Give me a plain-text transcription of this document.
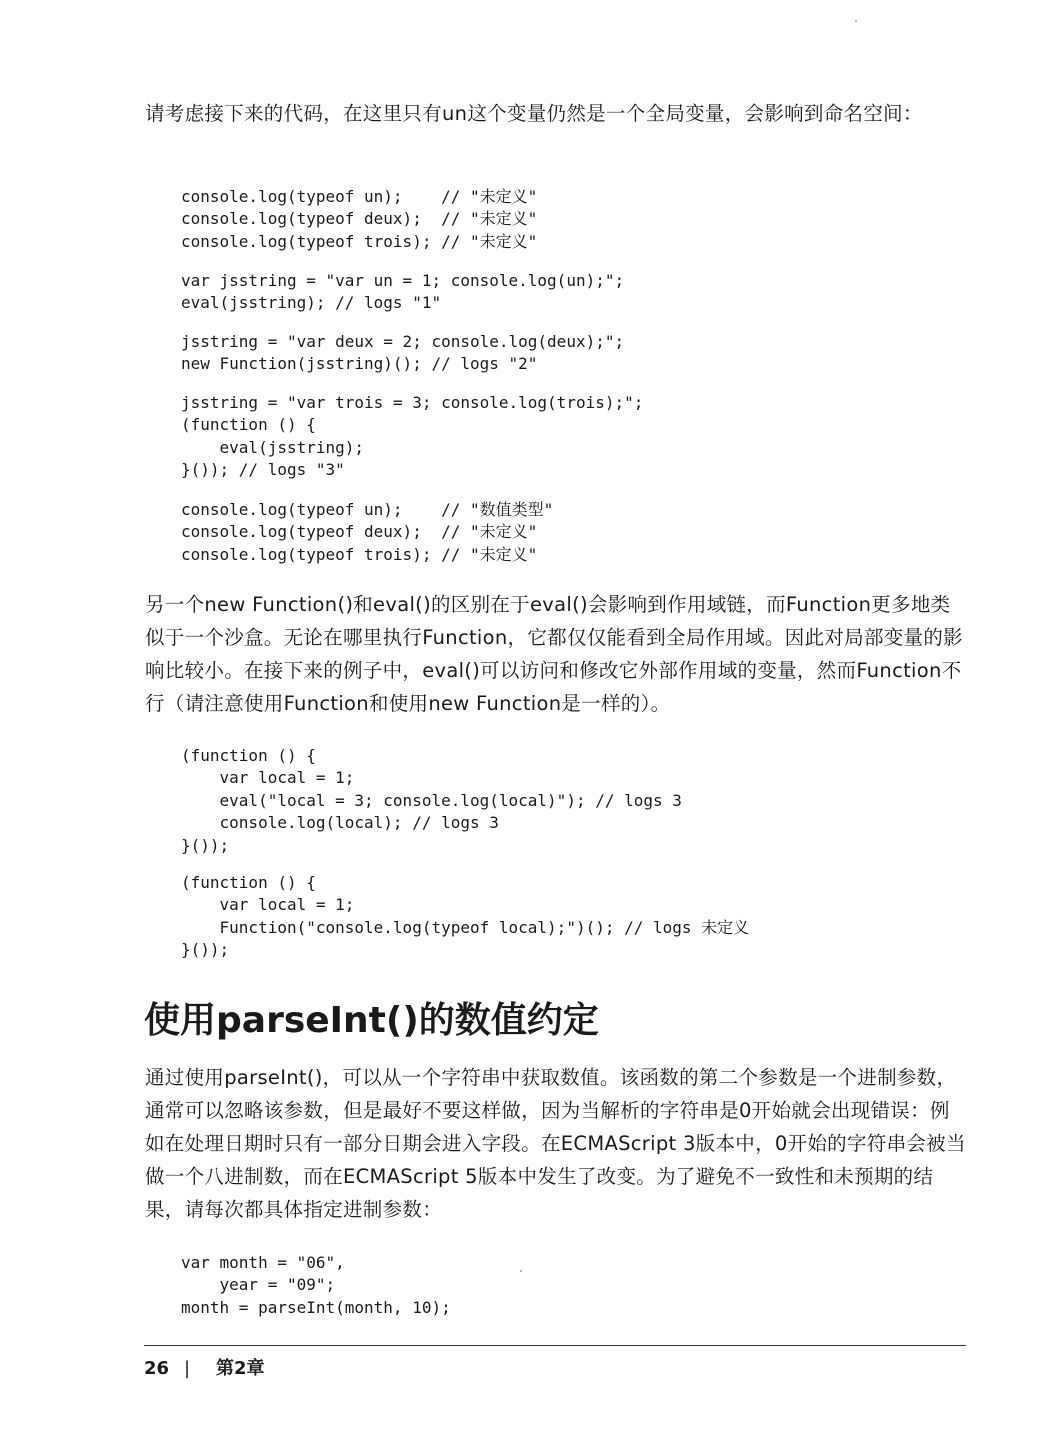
请考虑接下来的代码，在这里只有un这个变量仍然是一个全局变量，会影响到命名空间：

console.log(typeof un);    // "未定义"
console.log(typeof deux);  // "未定义"
console.log(typeof trois); // "未定义"
var jsstring = "var un = 1; console.log(un);";
eval(jsstring); // logs "1"
jsstring = "var deux = 2; console.log(deux);";
new Function(jsstring)(); // logs "2"
jsstring = "var trois = 3; console.log(trois);";
(function () {
eval(jsstring);
}()); // logs "3"
console.log(typeof un);    // "数值类型"
console.log(typeof deux);  // "未定义"
console.log(typeof trois); // "未定义"

另一个new Function()和eval()的区别在于eval()会影响到作用域链，而Function更多地类似于一个沙盒。无论在哪里执行Function，它都仅仅能看到全局作用域。因此对局部变量的影响比较小。在接下来的例子中，eval()可以访问和修改它外部作用域的变量，然而Function不行（请注意使用Function和使用new Function是一样的）。

(function () {
var local = 1;
eval("local = 3; console.log(local)"); // logs 3
console.log(local); // logs 3
}());
(function () {
var local = 1;
Function("console.log(typeof local);")(); // logs 未定义
}());
使用parseInt()的数值约定

通过使用parseInt()，可以从一个字符串中获取数值。该函数的第二个参数是一个进制参数，通常可以忽略该参数，但是最好不要这样做，因为当解析的字符串是0开始就会出现错误：例如在处理日期时只有一部分日期会进入字段。在ECMAScript 3版本中，0开始的字符串会被当做一个八进制数，而在ECMAScript 5版本中发生了改变。为了避免不一致性和未预期的结果，请每次都具体指定进制参数：

var month = "06",
year = "09";
month = parseInt(month, 10);
26 | 第2章
